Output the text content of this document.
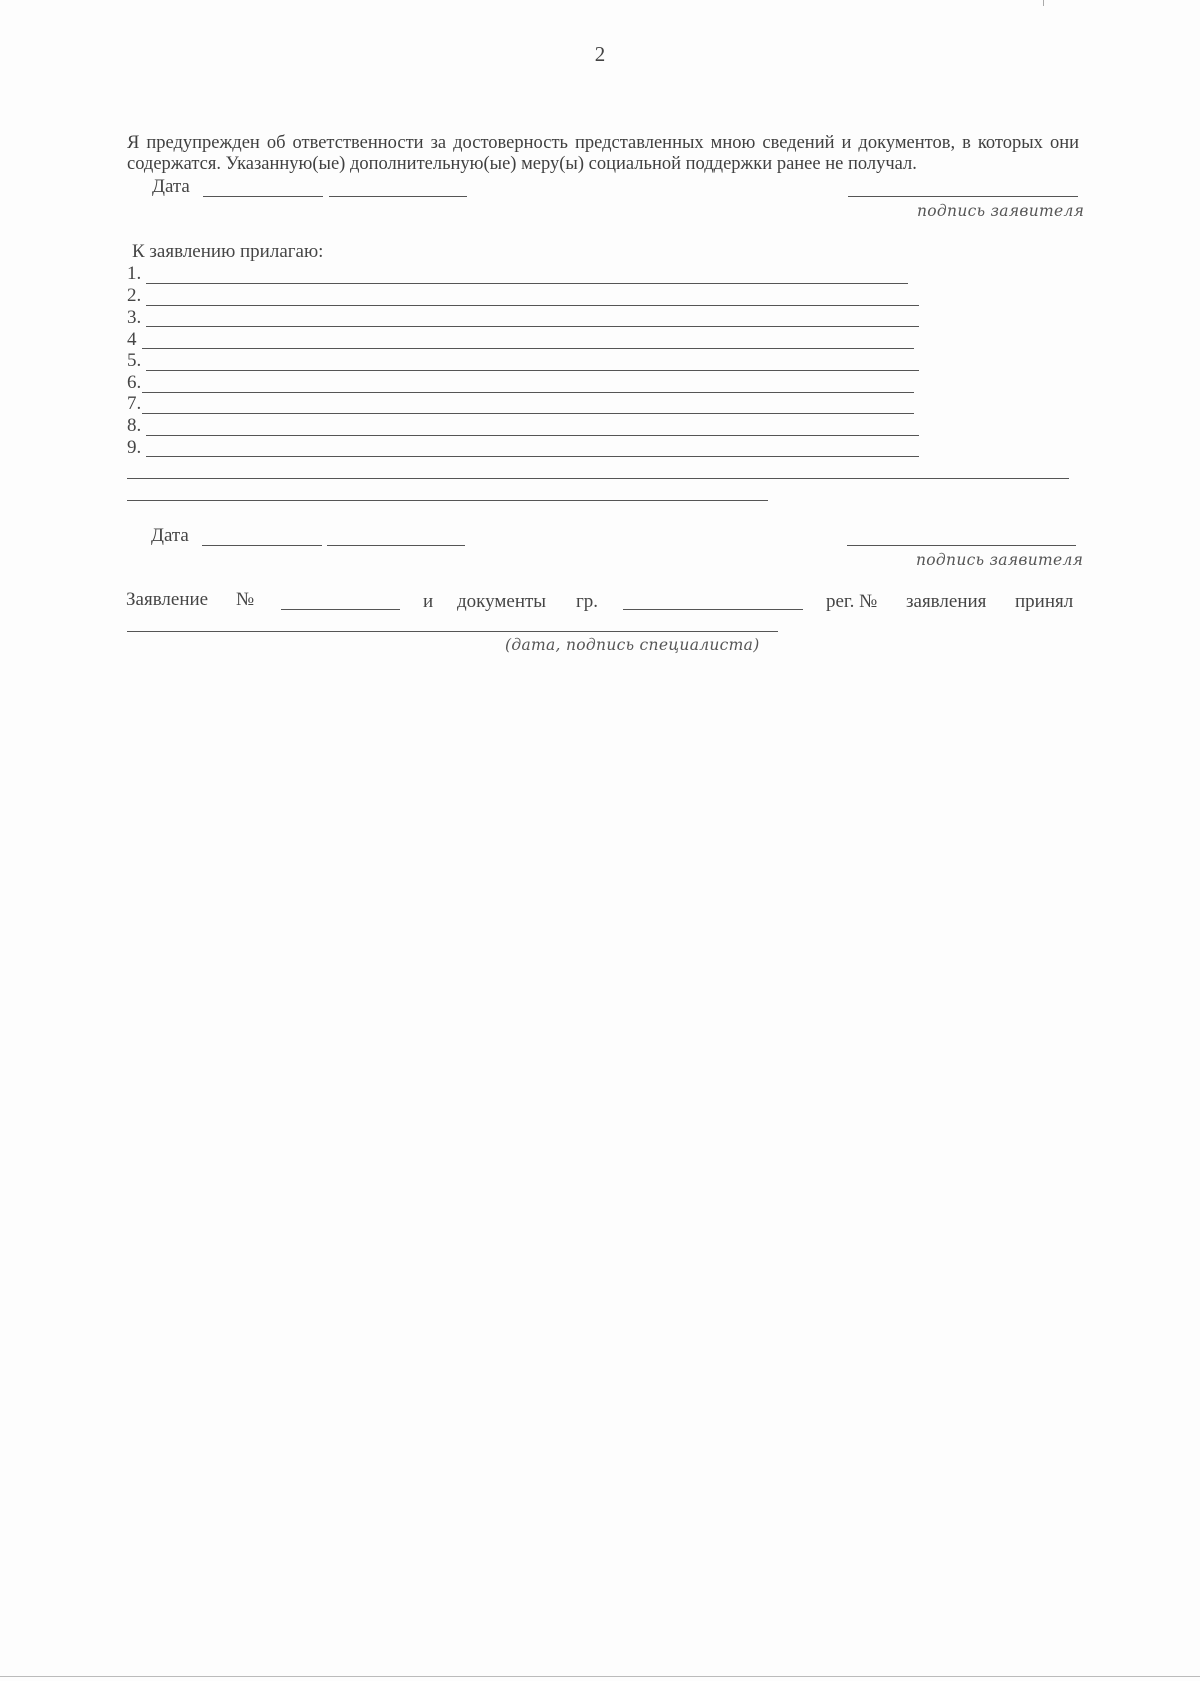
2
Я предупрежден об ответственности за достоверность представленных мною сведений и документов, в которых они содержатся. Указанную(ые) дополнительную(ые) меру(ы) социальной поддержки ранее не получал.
Дата
подпись заявителя
К заявлению прилагаю:
1.
2.
3.
4
5.
6.
7.
8.
9.
Дата
подпись заявителя
Заявление №	и документы гр.	рег. № заявления принял
(дата, подпись специалиста)
